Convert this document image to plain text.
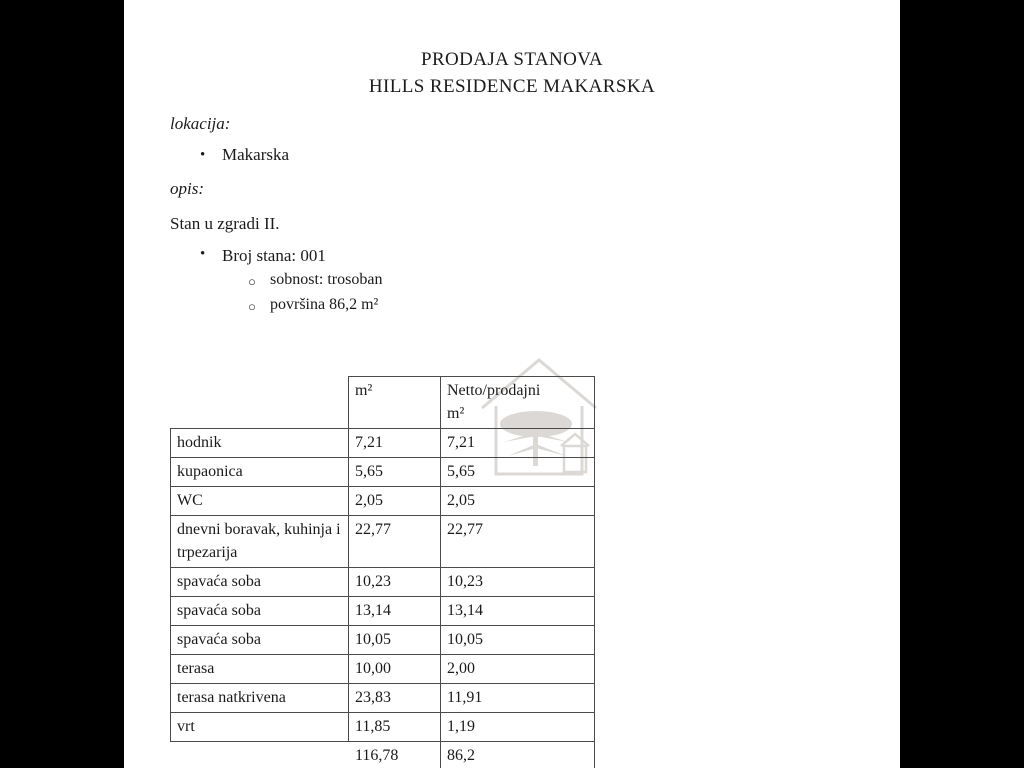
PRODAJA STANOVA
HILLS RESIDENCE MAKARSKA
lokacija:
• Makarska
opis:
Stan u zgradi II.
• Broj stana: 001
○ sobnost: trosoban
○ površina 86,2 m²
	m²	Netto/prodajni
m²
hodnik	7,21	7,21
kupaonica	5,65	5,65
WC	2,05	2,05
dnevni boravak, kuhinja i trpezarija	22,77	22,77
spavaća soba	10,23	10,23
spavaća soba	13,14	13,14
spavaća soba	10,05	10,05
terasa	10,00	2,00
terasa natkrivena	23,83	11,91
vrt	11,85	1,19
	116,78	86,2
